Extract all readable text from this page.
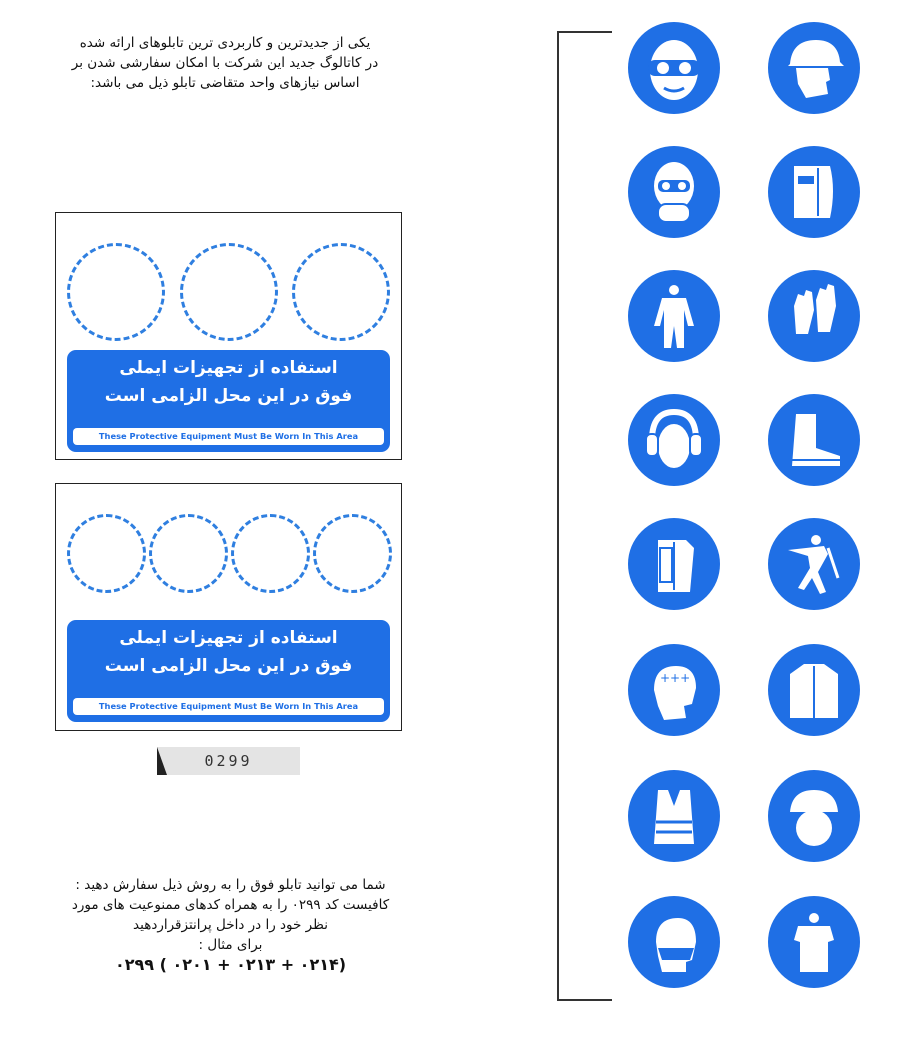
یکی از جدیدترین و کاربردی ترین تابلوهای ارائه شده
در کاتالوگ جدید این شرکت با امکان سفارشی شدن بر
اساس نیازهای واحد متقاضی تابلو ذیل می باشد:
استفاده از تجهیزات ایملی
فوق در این محل الزامی است
These Protective Equipment Must Be Worn In This Area
استفاده از تجهیزات ایملی
فوق در این محل الزامی است
These Protective Equipment Must Be Worn In This Area
0299
شما می توانید تابلو فوق را به روش ذیل سفارش دهید :
کافیست کد ۰۲۹۹ را به همراه کدهای ممنوعیت های مورد
نظر خود را در داخل پرانتزقراردهید
برای مثال :
۰۲۹۹ ( ۰۲۰۱ + ۰۲۱۳ + ۰۲۱۴)
+++
